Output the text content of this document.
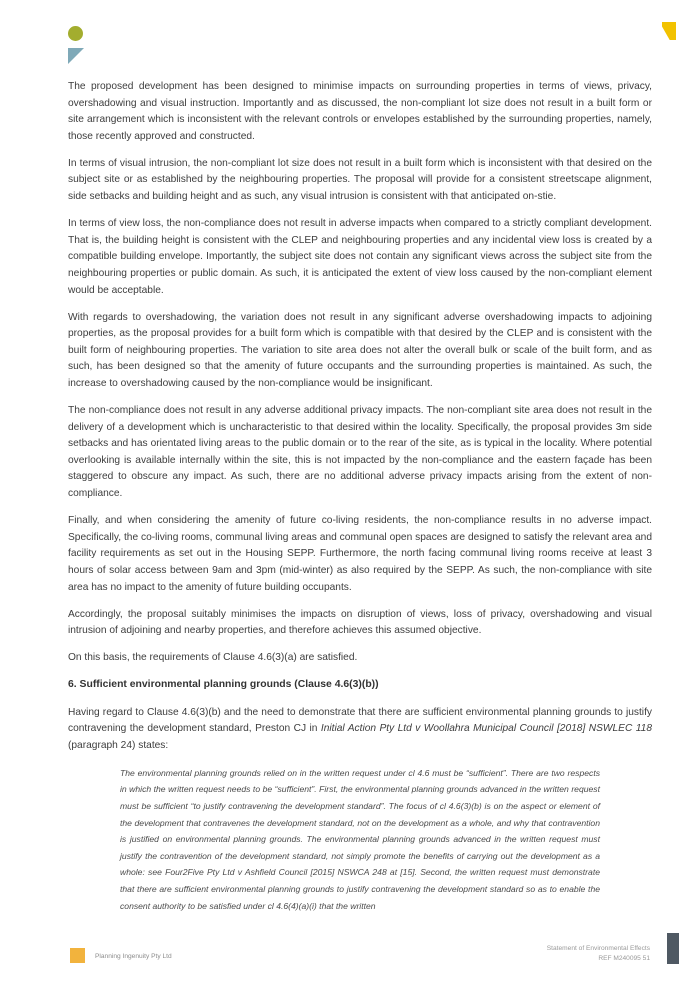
The proposed development has been designed to minimise impacts on surrounding properties in terms of views, privacy, overshadowing and visual instruction. Importantly and as discussed, the non-compliant lot size does not result in a built form or site arrangement which is inconsistent with the relevant controls or envelopes established by the surrounding properties, namely, those recently approved and constructed.

In terms of visual intrusion, the non-compliant lot size does not result in a built form which is inconsistent with that desired on the subject site or as established by the neighbouring properties. The proposal will provide for a consistent streetscape alignment, side setbacks and building height and as such, any visual intrusion is consistent with that anticipated on-stie.

In terms of view loss, the non-compliance does not result in adverse impacts when compared to a strictly compliant development. That is, the building height is consistent with the CLEP and neighbouring properties and any incidental view loss is created by a compatible building envelope. Importantly, the subject site does not contain any significant views across the subject site from the neighbouring properties or public domain. As such, it is anticipated the extent of view loss caused by the non-compliant element would be acceptable.

With regards to overshadowing, the variation does not result in any significant adverse overshadowing impacts to adjoining properties, as the proposal provides for a built form which is compatible with that desired by the CLEP and is consistent with the built form of neighbouring properties. The variation to site area does not alter the overall bulk or scale of the built form, and as such, has been designed so that the amenity of future occupants and the surrounding properties is maintained. As such, the increase to overshadowing caused by the non-compliance would be insignificant.

The non-compliance does not result in any adverse additional privacy impacts. The non-compliant site area does not result in the delivery of a development which is uncharacteristic to that desired within the locality. Specifically, the proposal provides 3m side setbacks and has orientated living areas to the public domain or to the rear of the site, as is typical in the locality. Where potential overlooking is available internally within the site, this is not impacted by the non-compliance and the eastern façade has been staggered to obscure any impact. As such, there are no additional adverse privacy impacts arising from the extent of non-compliance.

Finally, and when considering the amenity of future co-living residents, the non-compliance results in no adverse impact. Specifically, the co-living rooms, communal living areas and communal open spaces are designed to satisfy the relevant area and facility requirements as set out in the Housing SEPP. Furthermore, the north facing communal living rooms receive at least 3 hours of solar access between 9am and 3pm (mid-winter) as also required by the SEPP. As such, the non-compliance with site area has no impact to the amenity of future building occupants.

Accordingly, the proposal suitably minimises the impacts on disruption of views, loss of privacy, overshadowing and visual intrusion of adjoining and nearby properties, and therefore achieves this assumed objective.

On this basis, the requirements of Clause 4.6(3)(a) are satisfied.

6. Sufficient environmental planning grounds (Clause 4.6(3)(b))

Having regard to Clause 4.6(3)(b) and the need to demonstrate that there are sufficient environmental planning grounds to justify contravening the development standard, Preston CJ in Initial Action Pty Ltd v Woollahra Municipal Council [2018] NSWLEC 118 (paragraph 24) states:

The environmental planning grounds relied on in the written request under cl 4.6 must be “sufficient”. There are two respects in which the written request needs to be “sufficient”. First, the environmental planning grounds advanced in the written request must be sufficient “to justify contravening the development standard”. The focus of cl 4.6(3)(b) is on the aspect or element of the development that contravenes the development standard, not on the development as a whole, and why that contravention is justified on environmental planning grounds. The environmental planning grounds advanced in the written request must justify the contravention of the development standard, not simply promote the benefits of carrying out the development as a whole: see Four2Five Pty Ltd v Ashfield Council [2015] NSWCA 248 at [15]. Second, the written request must demonstrate that there are sufficient environmental planning grounds to justify contravening the development standard so as to enable the consent authority to be satisfied under cl 4.6(4)(a)(i) that the written

Planning Ingenuity Pty Ltd
Statement of Environmental Effects
REF M240095 51
